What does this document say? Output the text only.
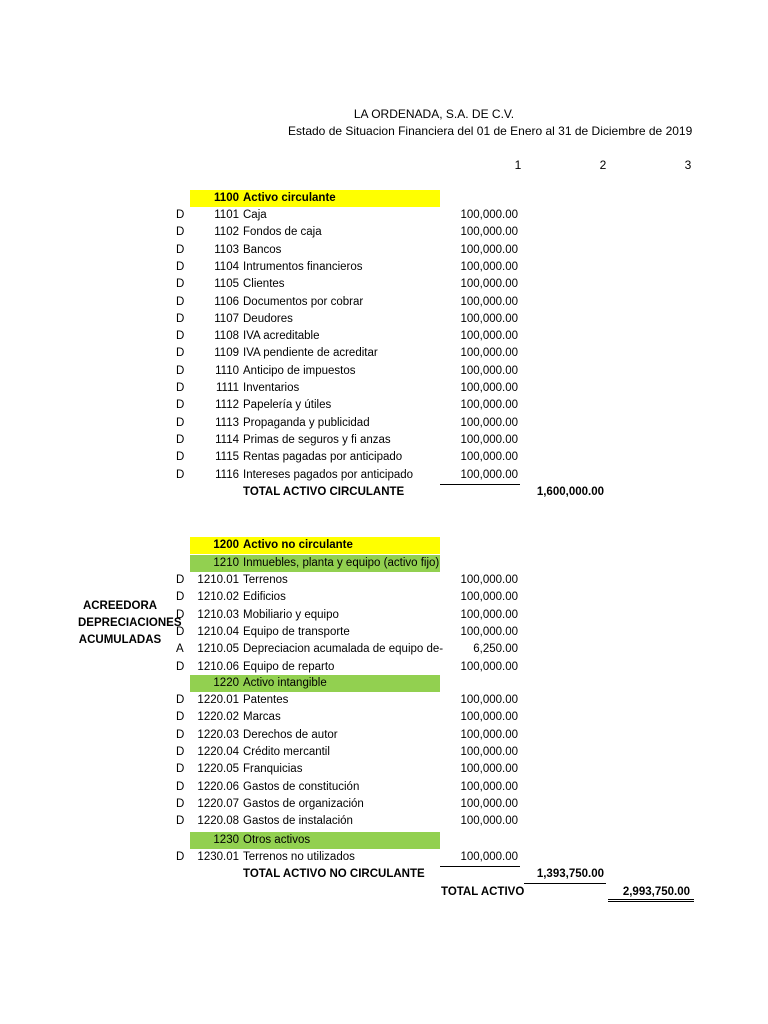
LA ORDENADA, S.A. DE C.V.
Estado de Situacion Financiera del 01 de Enero al 31 de Diciembre de 2019
1	2	3
1100 Activo circulante
D	1101 Caja	100,000.00
D	1102 Fondos de caja	100,000.00
D	1103 Bancos	100,000.00
D	1104 Intrumentos financieros	100,000.00
D	1105 Clientes	100,000.00
D	1106 Documentos por cobrar	100,000.00
D	1107 Deudores	100,000.00
D	1108 IVA acreditable	100,000.00
D	1109 IVA pendiente de acreditar	100,000.00
D	1110 Anticipo de impuestos	100,000.00
D	1111 Inventarios	100,000.00
D	1112 Papelería y útiles	100,000.00
D	1113 Propaganda y publicidad	100,000.00
D	1114 Primas de seguros y fi anzas	100,000.00
D	1115 Rentas pagadas por anticipado	100,000.00
D	1116 Intereses pagados por anticipado	100,000.00
TOTAL ACTIVO CIRCULANTE	1,600,000.00
1200 Activo no circulante
1210 Inmuebles, planta y equipo (activo fijo)
D	1210.01 Terrenos	100,000.00
D	1210.02 Edificios	100,000.00
D	1210.03 Mobiliario y equipo	100,000.00
D	1210.04 Equipo de transporte	100,000.00
A	1210.05 Depreciacion acumalada de equipo de-	6,250.00
D	1210.06 Equipo de reparto	100,000.00
ACREEDORA
DEPRECIACIONES
ACUMULADAS
1220 Activo intangible
D	1220.01 Patentes	100,000.00
D	1220.02 Marcas	100,000.00
D	1220.03 Derechos de autor	100,000.00
D	1220.04 Crédito mercantil	100,000.00
D	1220.05 Franquicias	100,000.00
D	1220.06 Gastos de constitución	100,000.00
D	1220.07 Gastos de organización	100,000.00
D	1220.08 Gastos de instalación	100,000.00
1230 Otros activos
D	1230.01 Terrenos no utilizados	100,000.00
TOTAL ACTIVO NO CIRCULANTE	1,393,750.00
TOTAL ACTIVO	2,993,750.00
